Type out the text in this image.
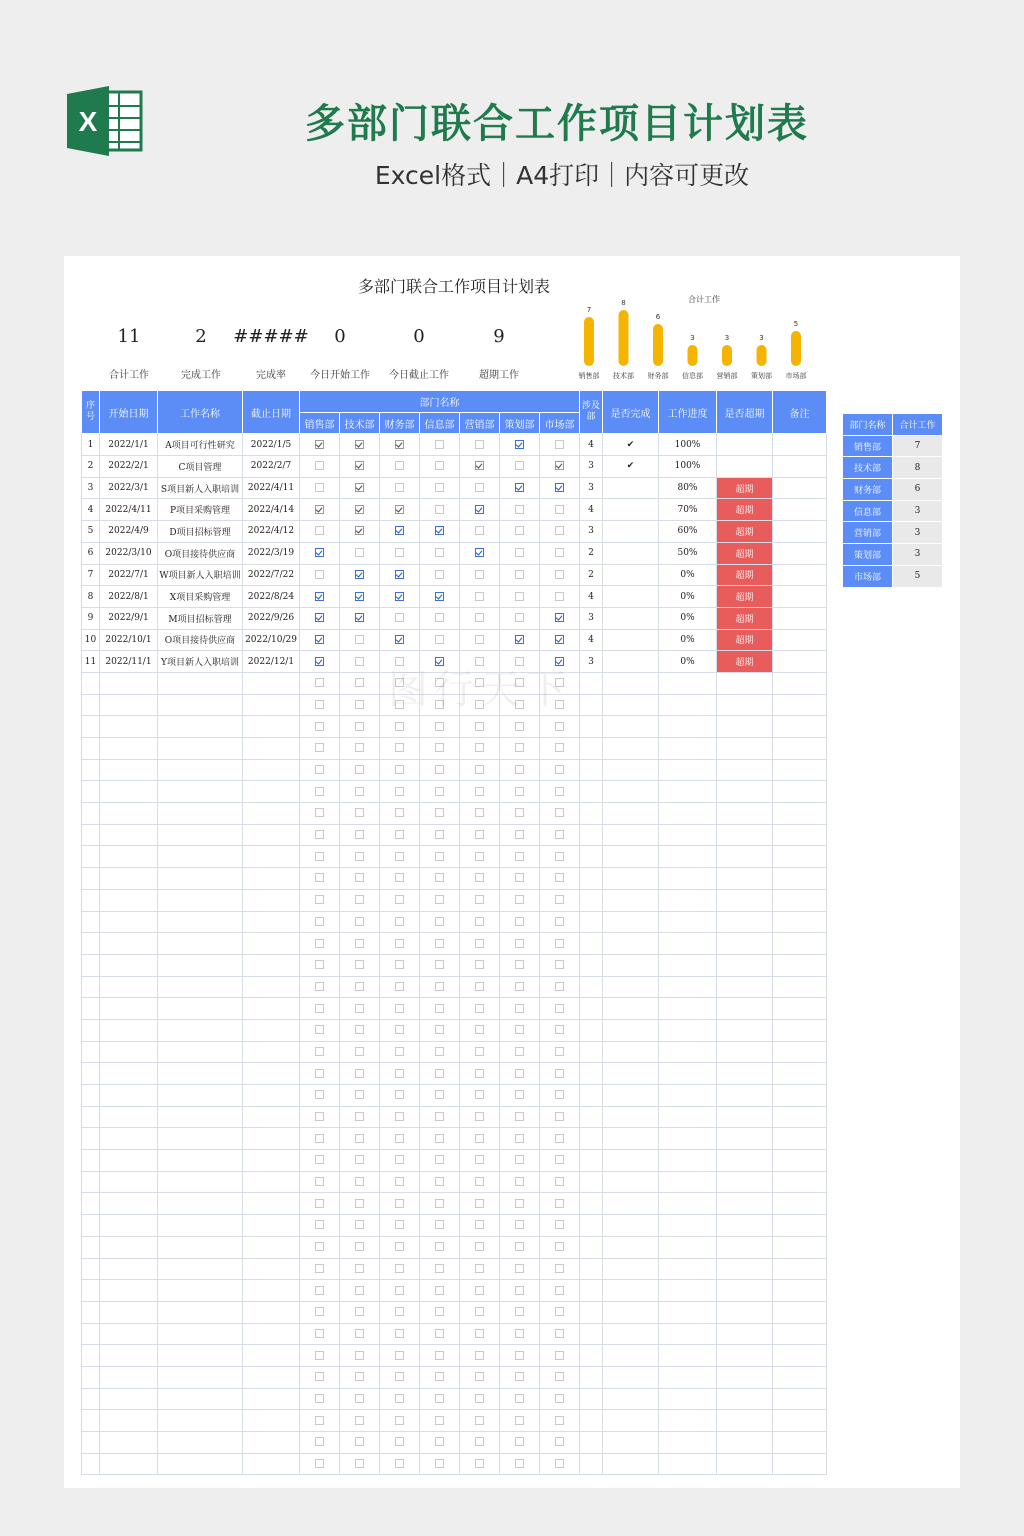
X	多部门联合工作项目计划表
Excel格式｜A4打印｜内容可更改
多部门联合工作项目计划表
11
合计工作
2
完成工作
#####
完成率
0
今日开始工作
0
今日截止工作
9
超期工作
合计工作
7
销售部
8
技术部
6
财务部
3
信息部
3
营销部
3
策划部
5
市场部
序号	开始日期	工作名称	截止日期	部门名称							涉及部	是否完成	工作进度	是否超期	备注
				销售部	技术部	财务部	信息部	营销部	策划部	市场部					
1	2022/1/1	A项目可行性研究	2022/1/5								4	✔	100%		
2	2022/2/1	C项目管理	2022/2/7								3	✔	100%		
3	2022/3/1	S项目新人入职培训	2022/4/11								3		80%	超期	
4	2022/4/11	P项目采购管理	2022/4/14								4		70%	超期	
5	2022/4/9	D项目招标管理	2022/4/12								3		60%	超期	
6	2022/3/10	O项目接待供应商	2022/3/19								2		50%	超期	
7	2022/7/1	W项目新人入职培训	2022/7/22								2		0%	超期	
8	2022/8/1	X项目采购管理	2022/8/24								4		0%	超期	
9	2022/9/1	M项目招标管理	2022/9/26								3		0%	超期	
10	2022/10/1	O项目接待供应商	2022/10/29								4		0%	超期	
11	2022/11/1	Y项目新人入职培训	2022/12/1								3		0%	超期	

部门名称	合计工作
销售部	7
技术部	8
财务部	6
信息部	3
营销部	3
策划部	3
市场部	5
图行天下
